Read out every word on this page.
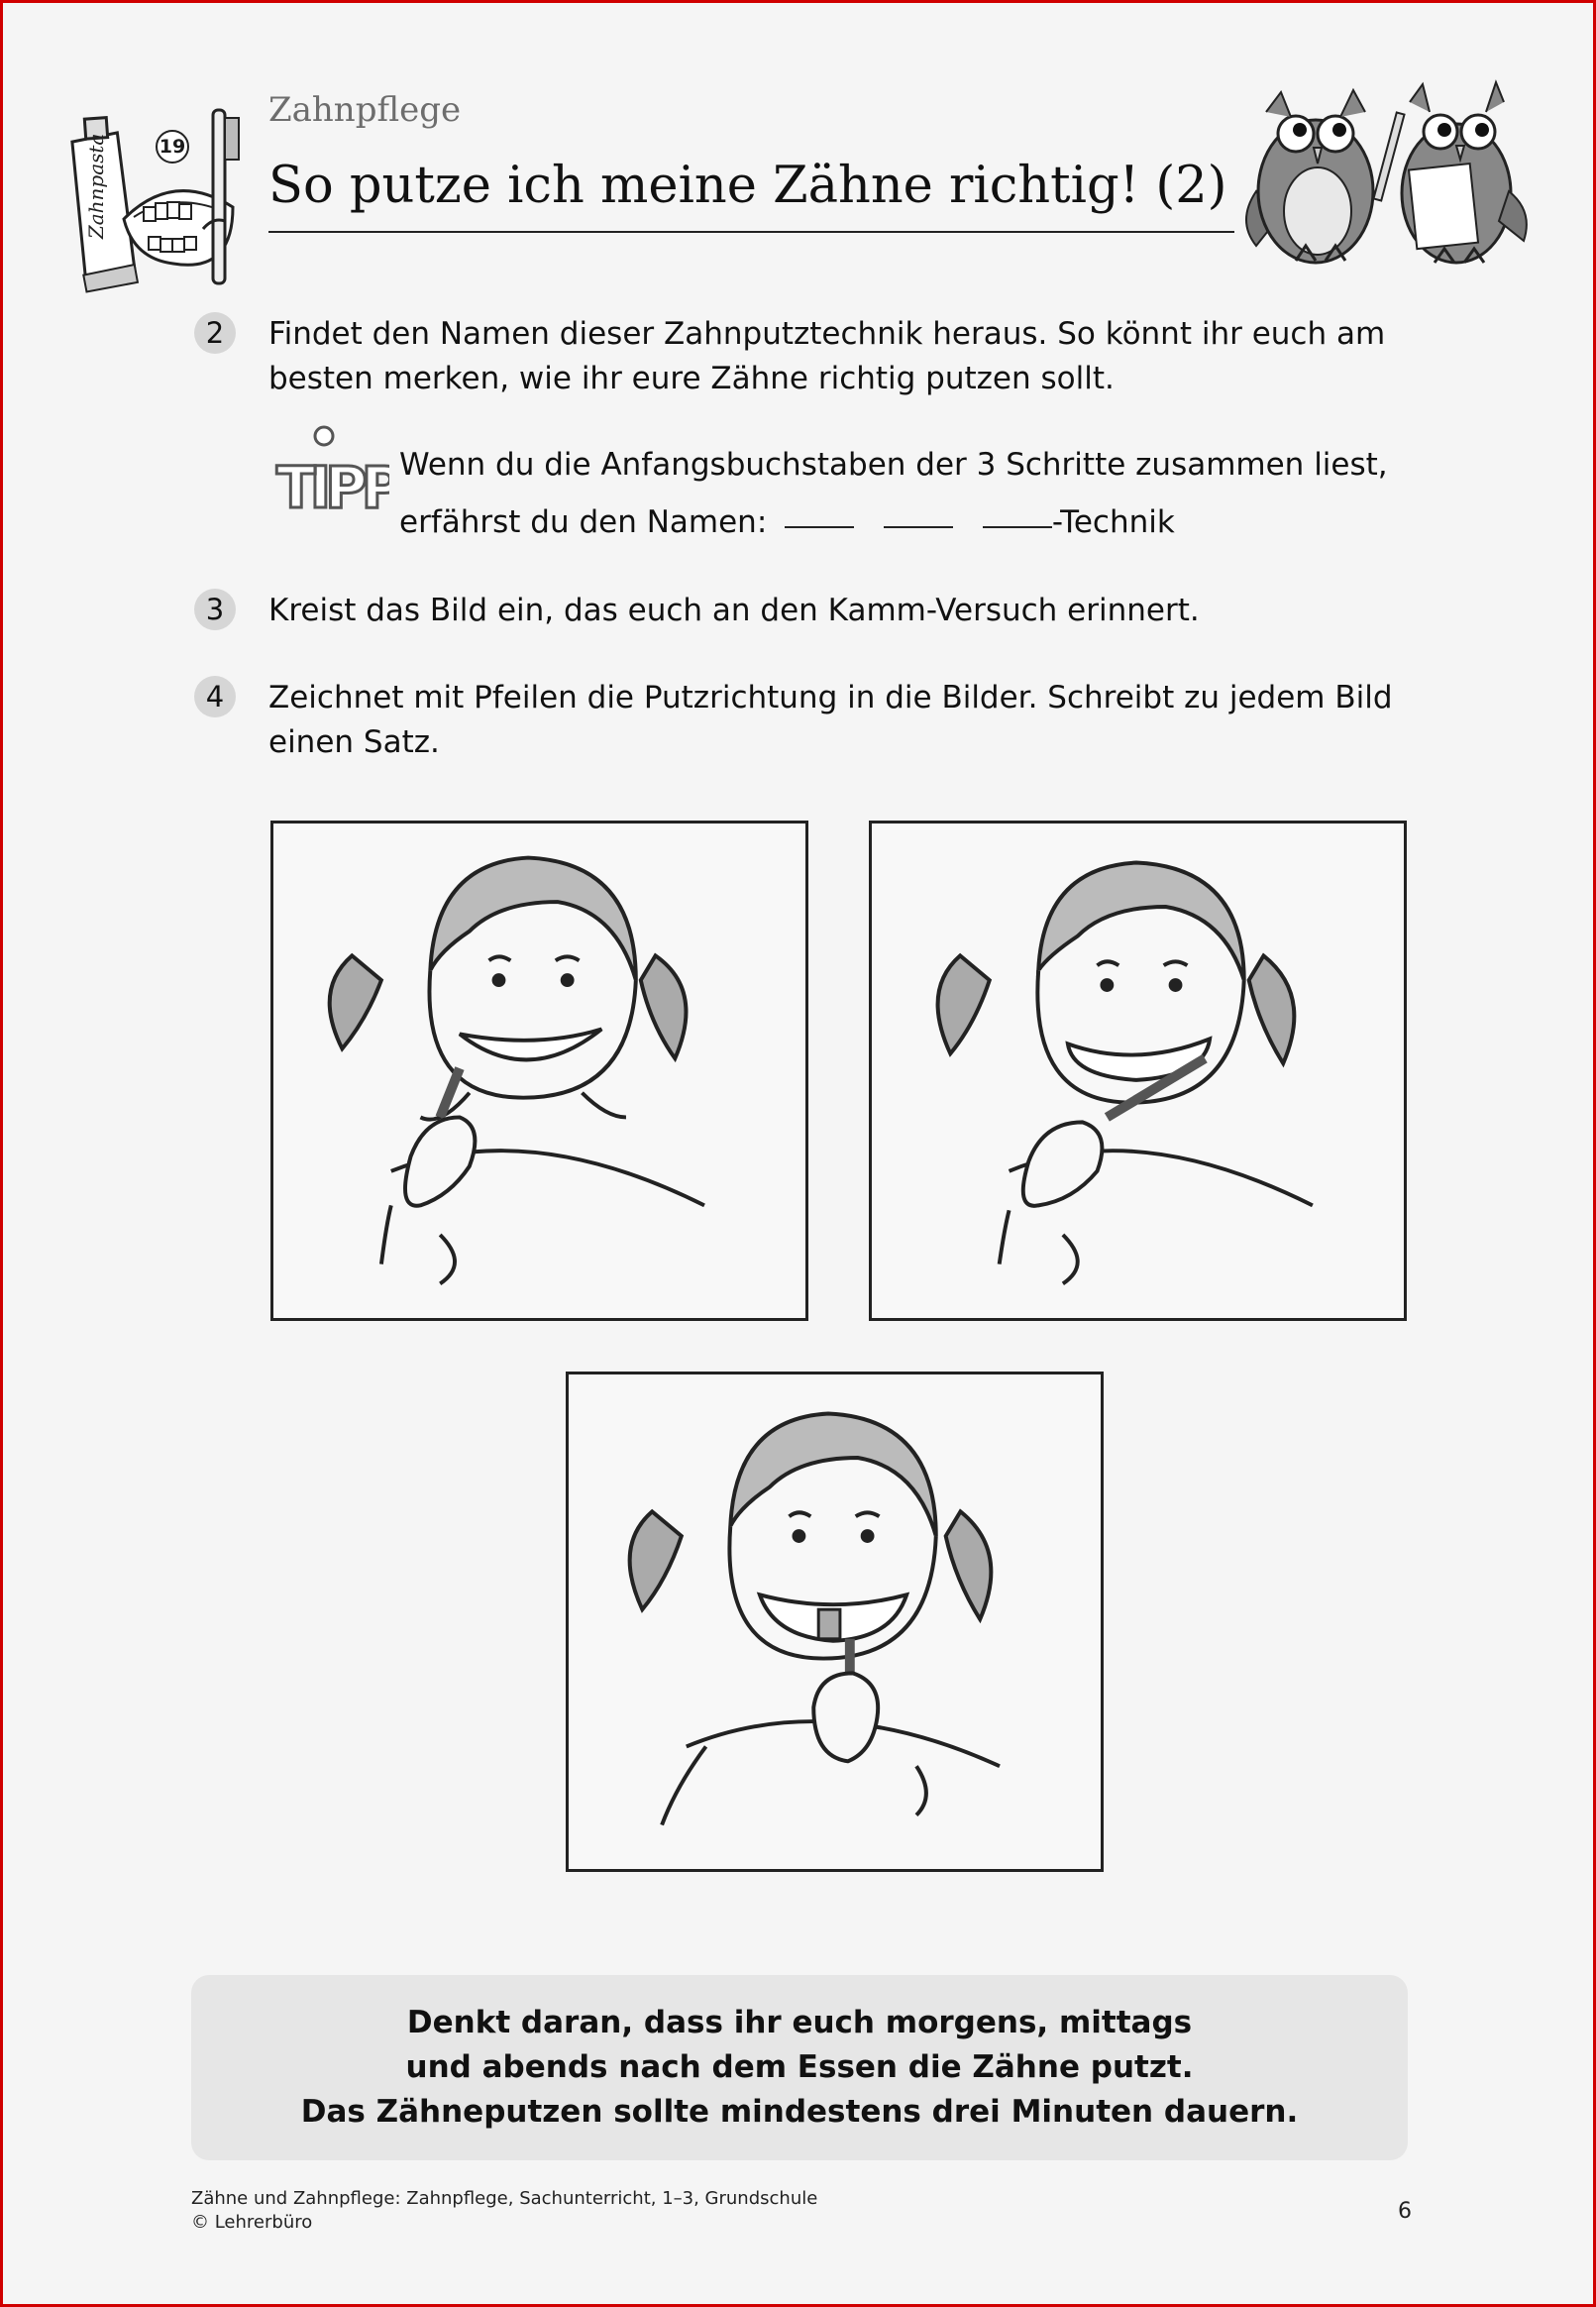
Zahnpasta	19
Zahnpflege
So putze ich meine Zähne richtig! (2)
2	Findet den Namen dieser Zahnputztechnik heraus. So könnt ihr euch am
besten merken, wie ihr eure Zähne richtig putzen sollt.
TIPP Wenn du die Anfangsbuchstaben der 3 Schritte zusammen liest,
erfährst du den Namen:	-Technik
3	Kreist das Bild ein, das euch an den Kamm-Versuch erinnert.
4	Zeichnet mit Pfeilen die Putzrichtung in die Bilder. Schreibt zu jedem Bild
einen Satz.
Denkt daran, dass ihr euch morgens, mittags
und abends nach dem Essen die Zähne putzt.
Das Zähneputzen sollte mindestens drei Minuten dauern.
Zähne und Zahnpflege: Zahnpflege, Sachunterricht, 1–3, Grundschule
© Lehrerbüro	6
